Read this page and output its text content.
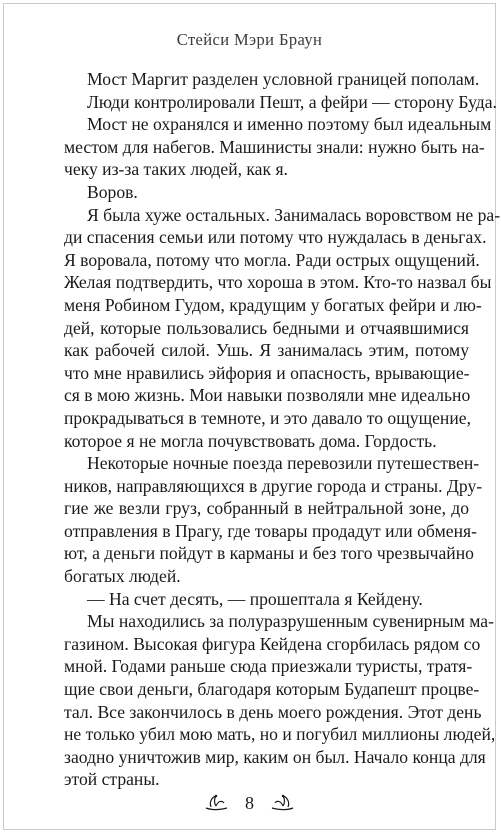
Стейси Мэри Браун
Мост Маргит разделен условной границей пополам.
Люди контролировали Пешт, а фейри — сторону Буда.
Мост не охранялся и именно поэтому был идеальным
местом для набегов. Машинисты знали: нужно быть на-
чеку из-за таких людей, как я.
Воров.
Я была хуже остальных. Занималась воровством не ра-
ди спасения семьи или потому что нуждалась в деньгах.
Я воровала, потому что могла. Ради острых ощущений.
Желая подтвердить, что хороша в этом. Кто-то назвал бы
меня Робином Гудом, крадущим у богатых фейри и лю-
дей, которые пользовались бедными и отчаявшимися
как рабочей силой. Ушь. Я занималась этим, потому
что мне нравились эйфория и опасность, врывающие-
ся в мою жизнь. Мои навыки позволяли мне идеально
прокрадываться в темноте, и это давало то ощущение,
которое я не могла почувствовать дома. Гордость.
Некоторые ночные поезда перевозили путешествен-
ников, направляющихся в другие города и страны. Дру-
гие же везли груз, собранный в нейтральной зоне, до
отправления в Прагу, где товары продадут или обменя-
ют, а деньги пойдут в карманы и без того чрезвычайно
богатых людей.
— На счет десять, — прошептала я Кейдену.
Мы находились за полуразрушенным сувенирным ма-
газином. Высокая фигура Кейдена сгорбилась рядом со
мной. Годами раньше сюда приезжали туристы, тратя-
щие свои деньги, благодаря которым Будапешт процве-
тал. Все закончилось в день моего рождения. Этот день
не только убил мою мать, но и погубил миллионы людей,
заодно уничтожив мир, каким он был. Начало конца для
этой страны.
8
